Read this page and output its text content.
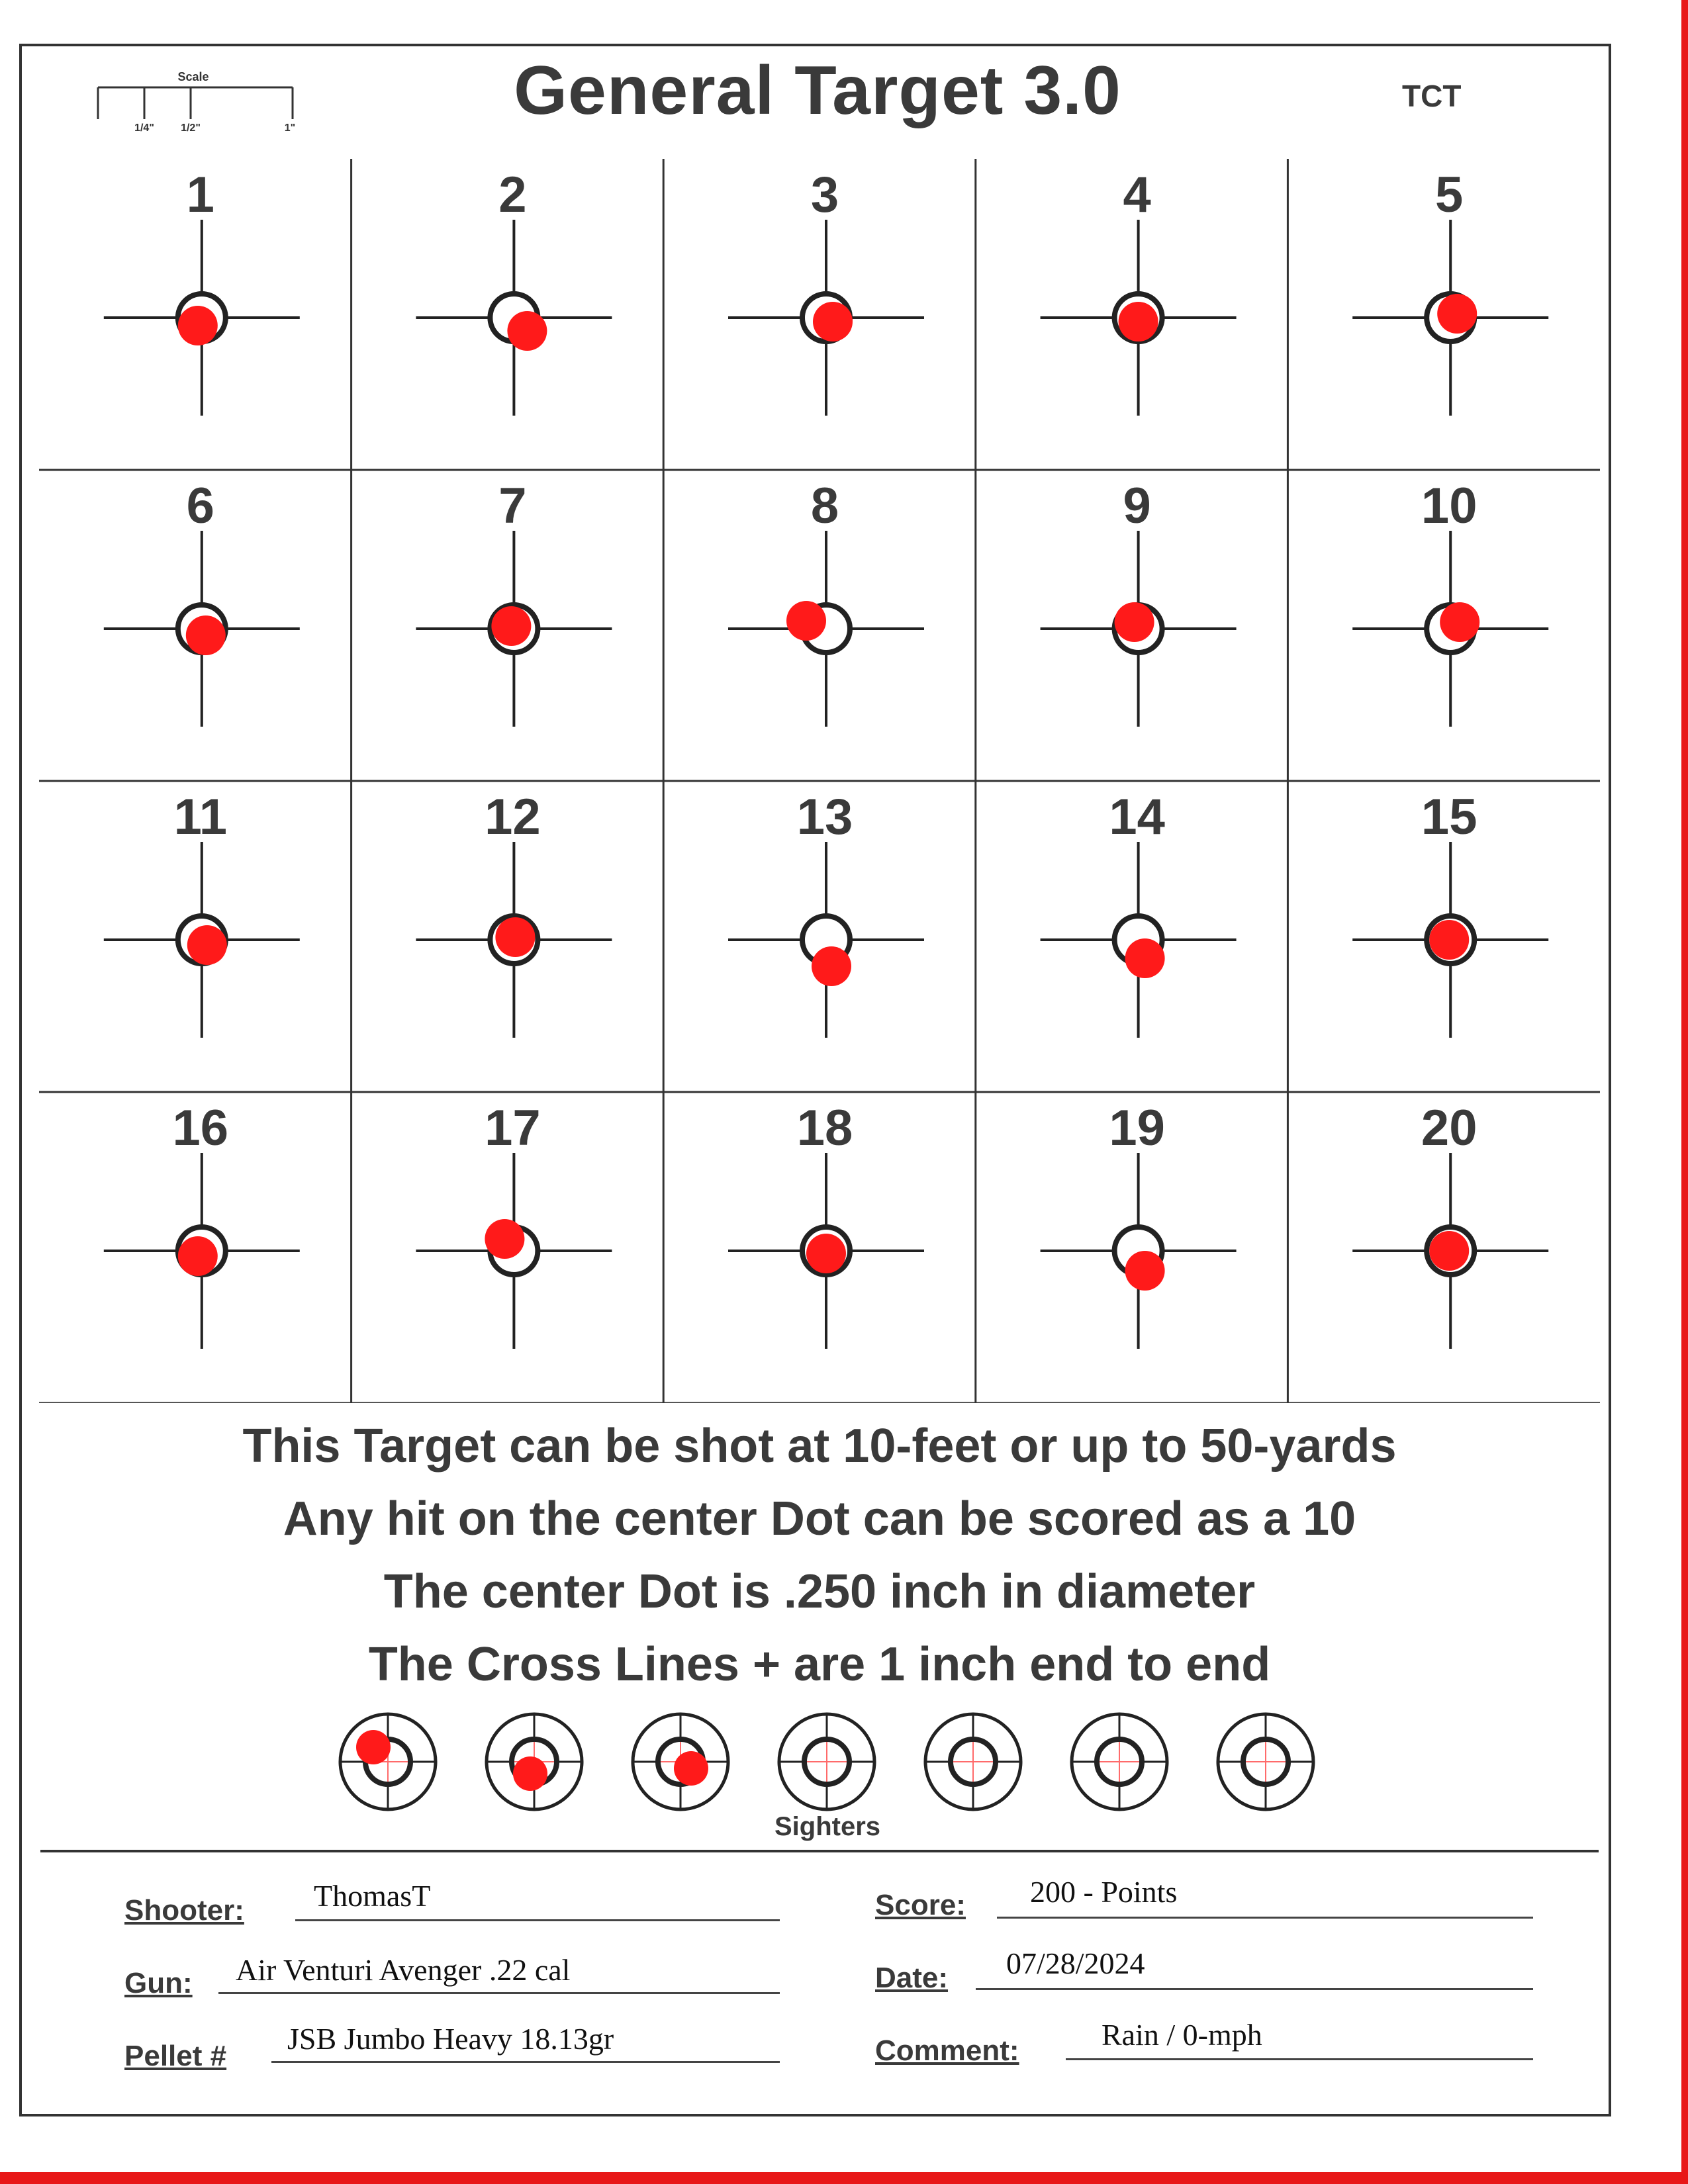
Scale
1/4"	1/2"	1"	General Target 3.0	TCT
1	2	3	4	5
6	7	8	9	10
11	12	13	14	15
16	17	18	19	20
This Target can be shot at 10-feet or up to 50-yards
Any hit on the center Dot can be scored as a 10
The center Dot is .250 inch in diameter
The Cross Lines + are 1 inch end to end
Sighters
Shooter: ThomasT
Gun: Air Venturi Avenger .22 cal
Pellet #
JSB Jumbo Heavy 18.13gr
Score: 200 - Points
Date: 07/28/2024
Comment:	Rain / 0-mph
